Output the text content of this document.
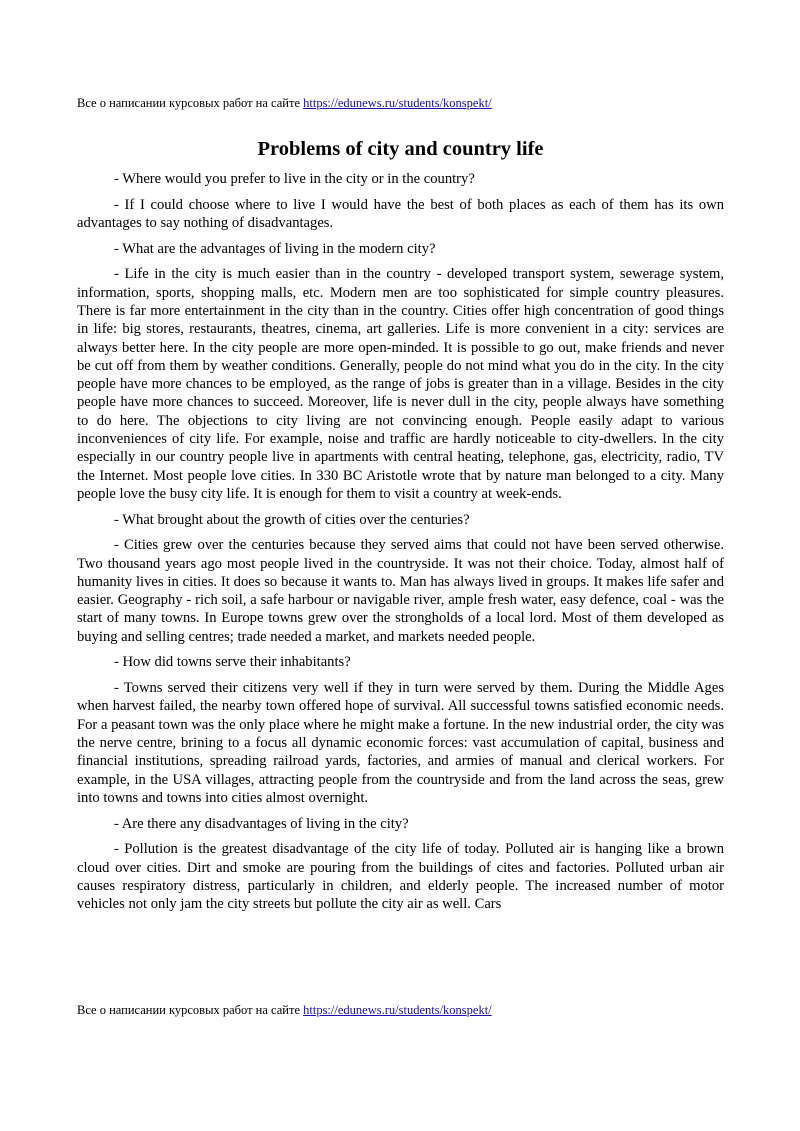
Все о написании курсовых работ на сайте https://edunews.ru/students/konspekt/
Problems of city and country life

- Where would you prefer to live in the city or in the country?

- If I could choose where to live I would have the best of both places as each of them has its own advantages to say nothing of disadvantages.

- What are the advantages of living in the modern city?

- Life in the city is much easier than in the country - developed transport system, sewerage system, information, sports, shopping malls, etc. Modern men are too sophisticated for simple country pleasures. There is far more entertainment in the city than in the country. Cities offer high concentration of good things in life: big stores, restaurants, theatres, cinema, art galleries. Life is more convenient in a city: services are always better here. In the city people are more open-minded. It is possible to go out, make friends and never be cut off from them by weather conditions. Generally, people do not mind what you do in the city. In the city people have more chances to be employed, as the range of jobs is greater than in a village. Besides in the city people have more chances to succeed. Moreover, life is never dull in the city, people always have something to do here. The objections to city living are not convincing enough. People easily adapt to various inconveniences of city life. For example, noise and traffic are hardly noticeable to city-dwellers. In the city especially in our country people live in apartments with central heating, telephone, gas, electricity, radio, TV the Internet. Most people love cities. In 330 BC Aristotle wrote that by nature man belonged to a city. Many people love the busy city life. It is enough for them to visit a country at week-ends.

- What brought about the growth of cities over the centuries?

- Cities grew over the centuries because they served aims that could not have been served otherwise. Two thousand years ago most people lived in the countryside. It was not their choice. Today, almost half of humanity lives in cities. It does so because it wants to. Man has always lived in groups. It makes life safer and easier. Geography - rich soil, a safe harbour or navigable river, ample fresh water, easy defence, coal - was the start of many towns. In Europe towns grew over the strongholds of a local lord. Most of them developed as buying and selling centres; trade needed a market, and markets needed people.

- How did towns serve their inhabitants?

- Towns served their citizens very well if they in turn were served by them. During the Middle Ages when harvest failed, the nearby town offered hope of survival. All successful towns satisfied economic needs. For a peasant town was the only place where he might make a fortune. In the new industrial order, the city was the nerve centre, brining to a focus all dynamic economic forces: vast accumulation of capital, business and financial institutions, spreading railroad yards, factories, and armies of manual and clerical workers. For example, in the USA villages, attracting people from the countryside and from the land across the seas, grew into towns and towns into cities almost overnight.

- Are there any disadvantages of living in the city?

- Pollution is the greatest disadvantage of the city life of today. Polluted air is hanging like a brown cloud over cities. Dirt and smoke are pouring from the buildings of cites and factories. Polluted urban air causes respiratory distress, particularly in children, and elderly people. The increased number of motor vehicles not only jam the city streets but pollute the city air as well. Cars

Все о написании курсовых работ на сайте https://edunews.ru/students/konspekt/
